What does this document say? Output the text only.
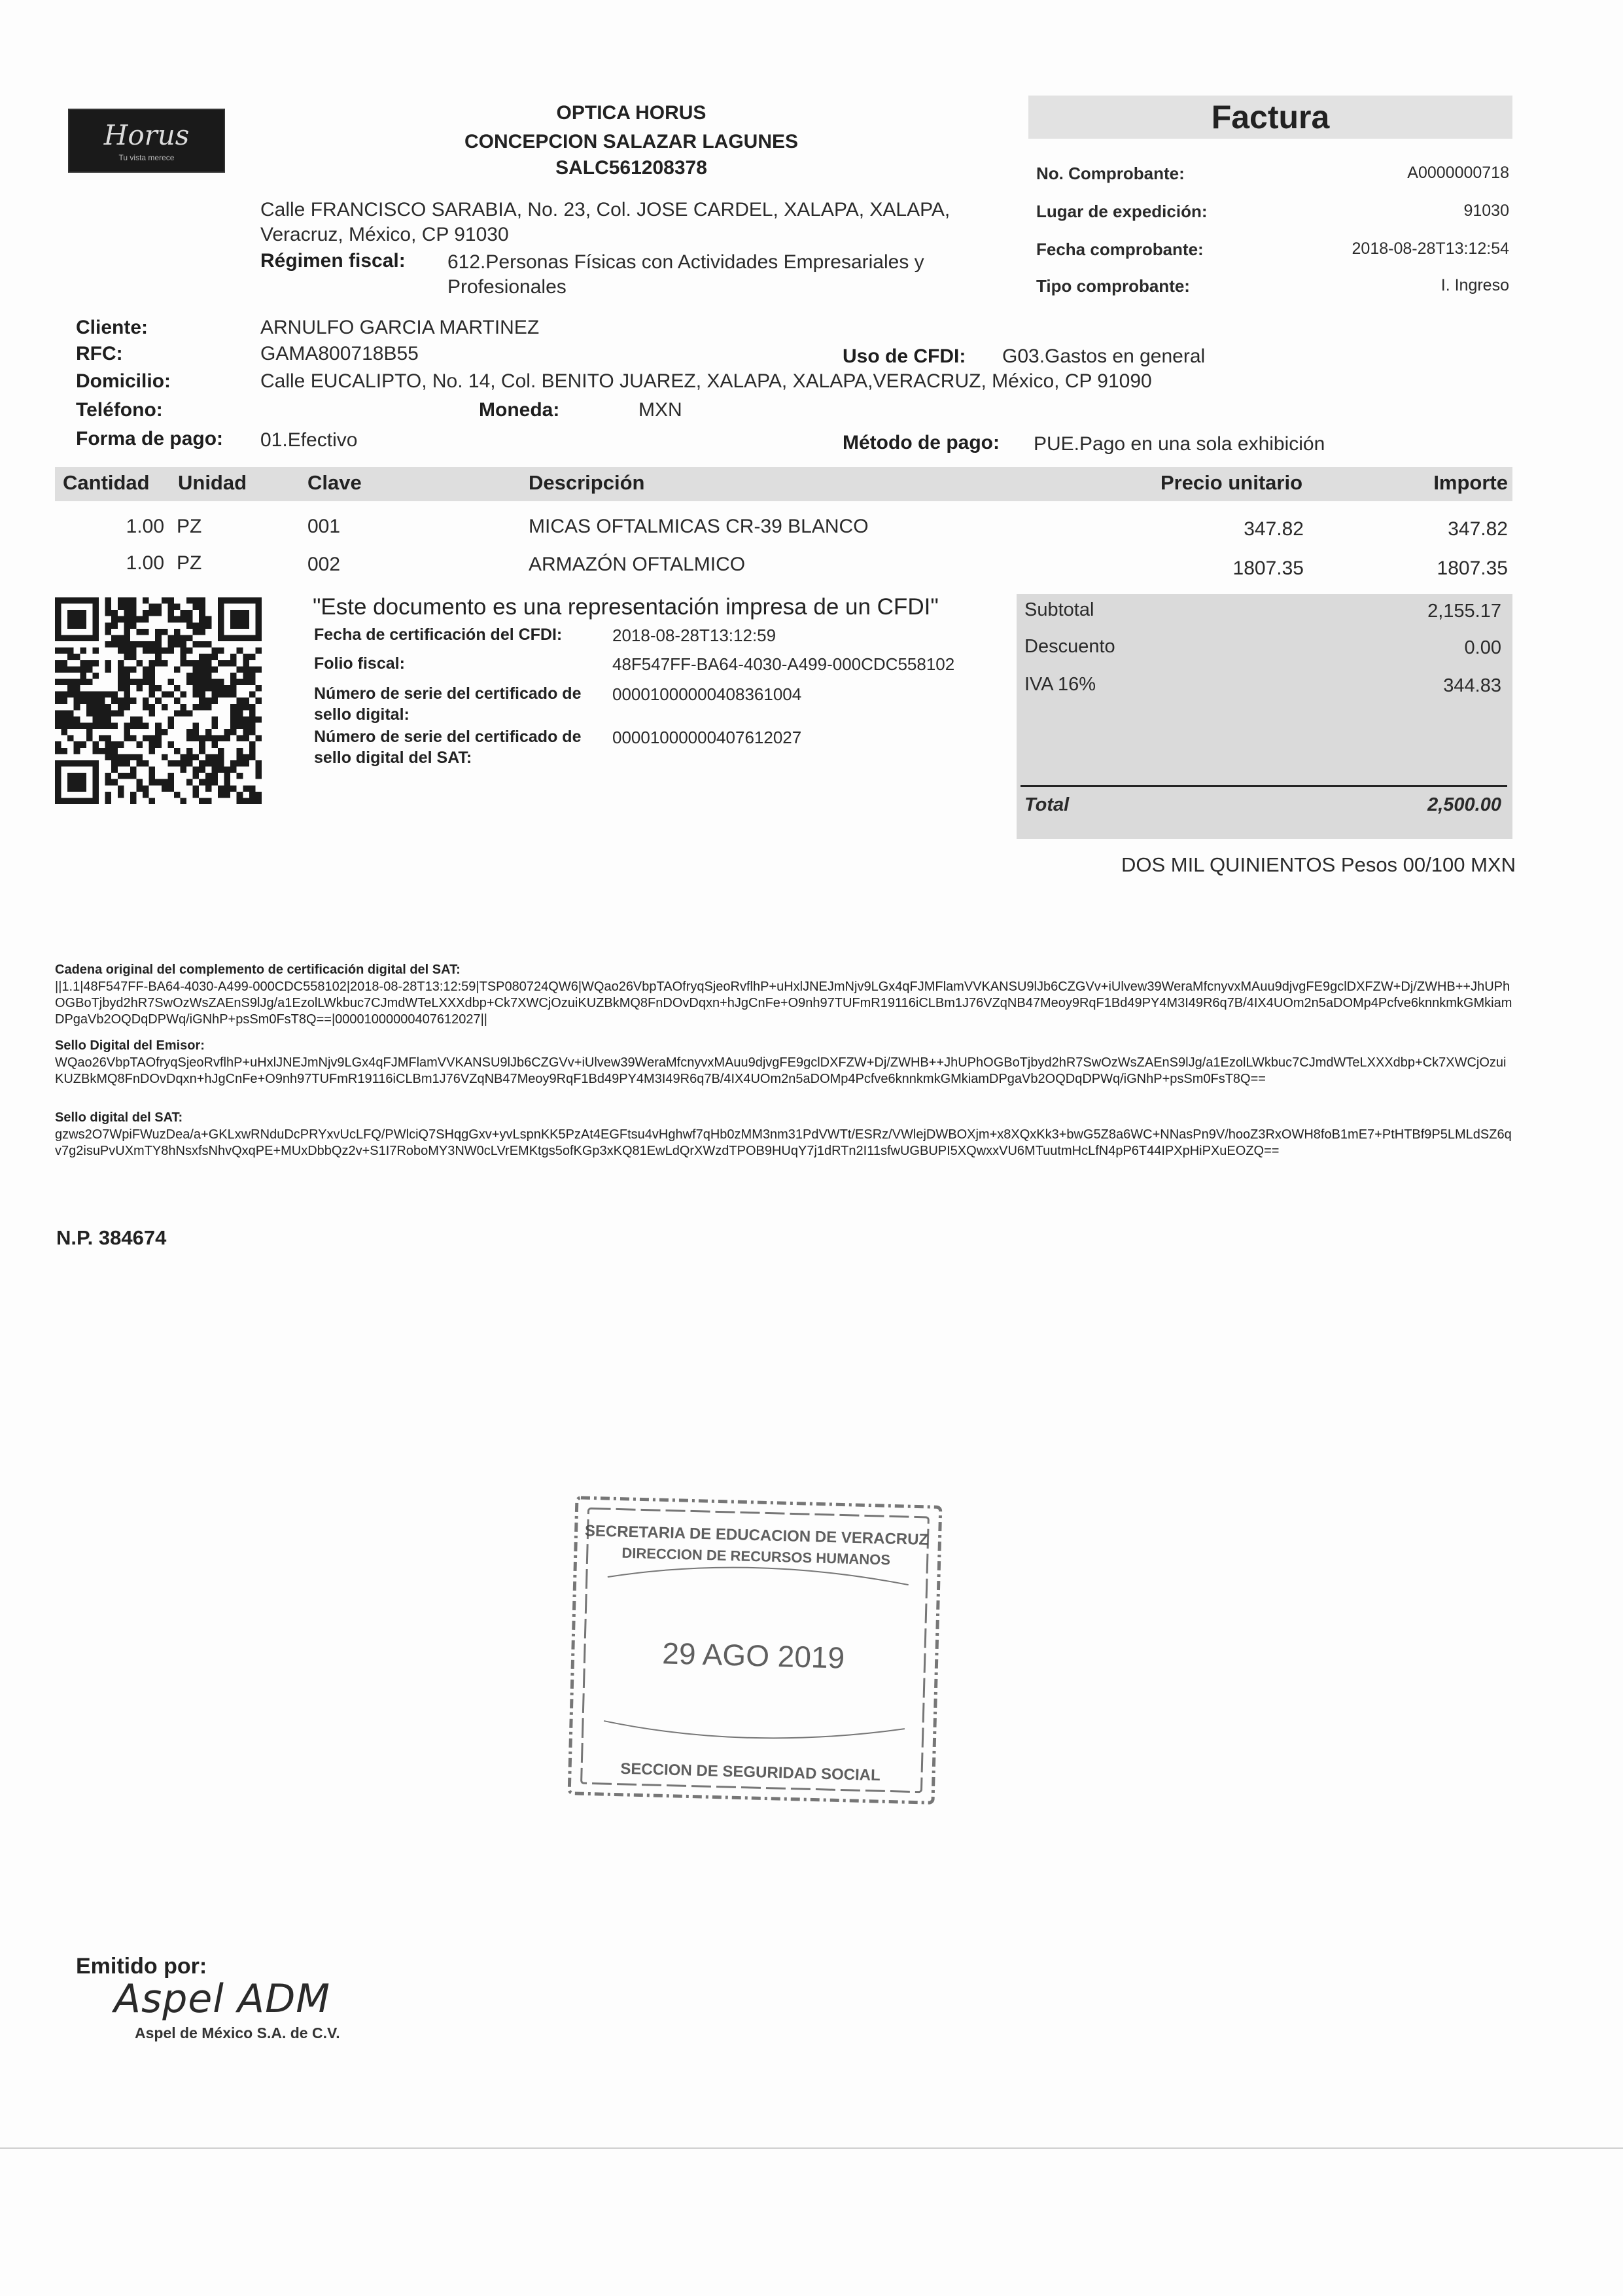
Horus
Tu vista merece
OPTICA HORUS
CONCEPCION SALAZAR LAGUNES
SALC561208378
Calle FRANCISCO SARABIA, No. 23, Col. JOSE CARDEL, XALAPA, XALAPA,
Veracruz, México, CP 91030
Régimen fiscal: 612.Personas Físicas con Actividades Empresariales y
Profesionales
Factura
No. Comprobante:	A0000000718
Lugar de expedición:	91030
Fecha comprobante:	2018-08-28T13:12:54
Tipo comprobante:	I. Ingreso
Cliente:	ARNULFO GARCIA MARTINEZ
RFC:	GAMA800718B55	Uso de CFDI: G03.Gastos en general
Domicilio:	Calle EUCALIPTO, No. 14, Col. BENITO JUAREZ, XALAPA, XALAPA,VERACRUZ, México, CP 91090
Teléfono:	Moneda:	MXN
Forma de pago: 01.Efectivo	Método de pago: PUE.Pago en una sola exhibición
Cantidad Unidad	Clave	Descripción	Precio unitario	Importe
1.00 PZ	001	MICAS OFTALMICAS CR-39 BLANCO	347.82	347.82
1.00 PZ	002	ARMAZÓN OFTALMICO	1807.35	1807.35
"Este documento es una representación impresa de un CFDI"
Fecha de certificación del CFDI:	2018-08-28T13:12:59
Folio fiscal:	48F547FF-BA64-4030-A499-000CDC558102
Número de serie del certificado de sello digital:
00001000000408361004
Número de serie del certificado de sello digital del SAT:
00001000000407612027
Subtotal	2,155.17
Descuento	0.00
IVA 16%	344.83
Total	2,500.00
DOS MIL QUINIENTOS Pesos 00/100 MXN
Cadena original del complemento de certificación digital del SAT:
||1.1|48F547FF-BA64-4030-A499-000CDC558102|2018-08-28T13:12:59|TSP080724QW6|WQao26VbpTAOfryqSjeoRvflhP+uHxlJNEJmNjv9LGx4qFJMFlamVVKANSU9lJb6CZGVv+iUlvew39WeraMfcnyvxMAuu9djvgFE9gclDXFZW+Dj/ZWHB++JhUPhOGBoTjbyd2hR7SwOzWsZAEnS9lJg/a1EzolLWkbuc7CJmdWTeLXXXdbp+Ck7XWCjOzuiKUZBkMQ8FnDOvDqxn+hJgCnFe+O9nh97TUFmR19116iCLBm1J76VZqNB47Meoy9RqF1Bd49PY4M3I49R6q7B/4IX4UOm2n5aDOMp4Pcfve6knnkmkGMkiamDPgaVb2OQDqDPWq/iGNhP+psSm0FsT8Q==|00001000000407612027||
Sello Digital del Emisor:
WQao26VbpTAOfryqSjeoRvflhP+uHxlJNEJmNjv9LGx4qFJMFlamVVKANSU9lJb6CZGVv+iUlvew39WeraMfcnyvxMAuu9djvgFE9gclDXFZW+Dj/ZWHB++JhUPhOGBoTjbyd2hR7SwOzWsZAEnS9lJg/a1EzolLWkbuc7CJmdWTeLXXXdbp+Ck7XWCjOzuiKUZBkMQ8FnDOvDqxn+hJgCnFe+O9nh97TUFmR19116iCLBm1J76VZqNB47Meoy9RqF1Bd49PY4M3I49R6q7B/4IX4UOm2n5aDOMp4Pcfve6knnkmkGMkiamDPgaVb2OQDqDPWq/iGNhP+psSm0FsT8Q==
Sello digital del SAT:
gzws2O7WpiFWuzDea/a+GKLxwRNduDcPRYxvUcLFQ/PWlciQ7SHqgGxv+yvLspnKK5PzAt4EGFtsu4vHghwf7qHb0zMM3nm31PdVWTt/ESRz/VWlejDWBOXjm+x8XQxKk3+bwG5Z8a6WC+NNasPn9V/hooZ3RxOWH8foB1mE7+PtHTBf9P5LMLdSZ6qv7g2isuPvUXmTY8hNsxfsNhvQxqPE+MUxDbbQz2v+S1I7RoboMY3NW0cLVrEMKtgs5ofKGp3xKQ81EwLdQrXWzdTPOB9HUqY7j1dRTn2I11sfwUGBUPI5XQwxxVU6MTuutmHcLfN4pP6T44IPXpHiPXuEOZQ==
N.P. 384674
SECRETARIA DE EDUCACION DE VERACRUZ
DIRECCION DE RECURSOS HUMANOS
29 AGO 2019
SECCION DE SEGURIDAD SOCIAL
Emitido por:
Aspel ADM
Aspel de México S.A. de C.V.
